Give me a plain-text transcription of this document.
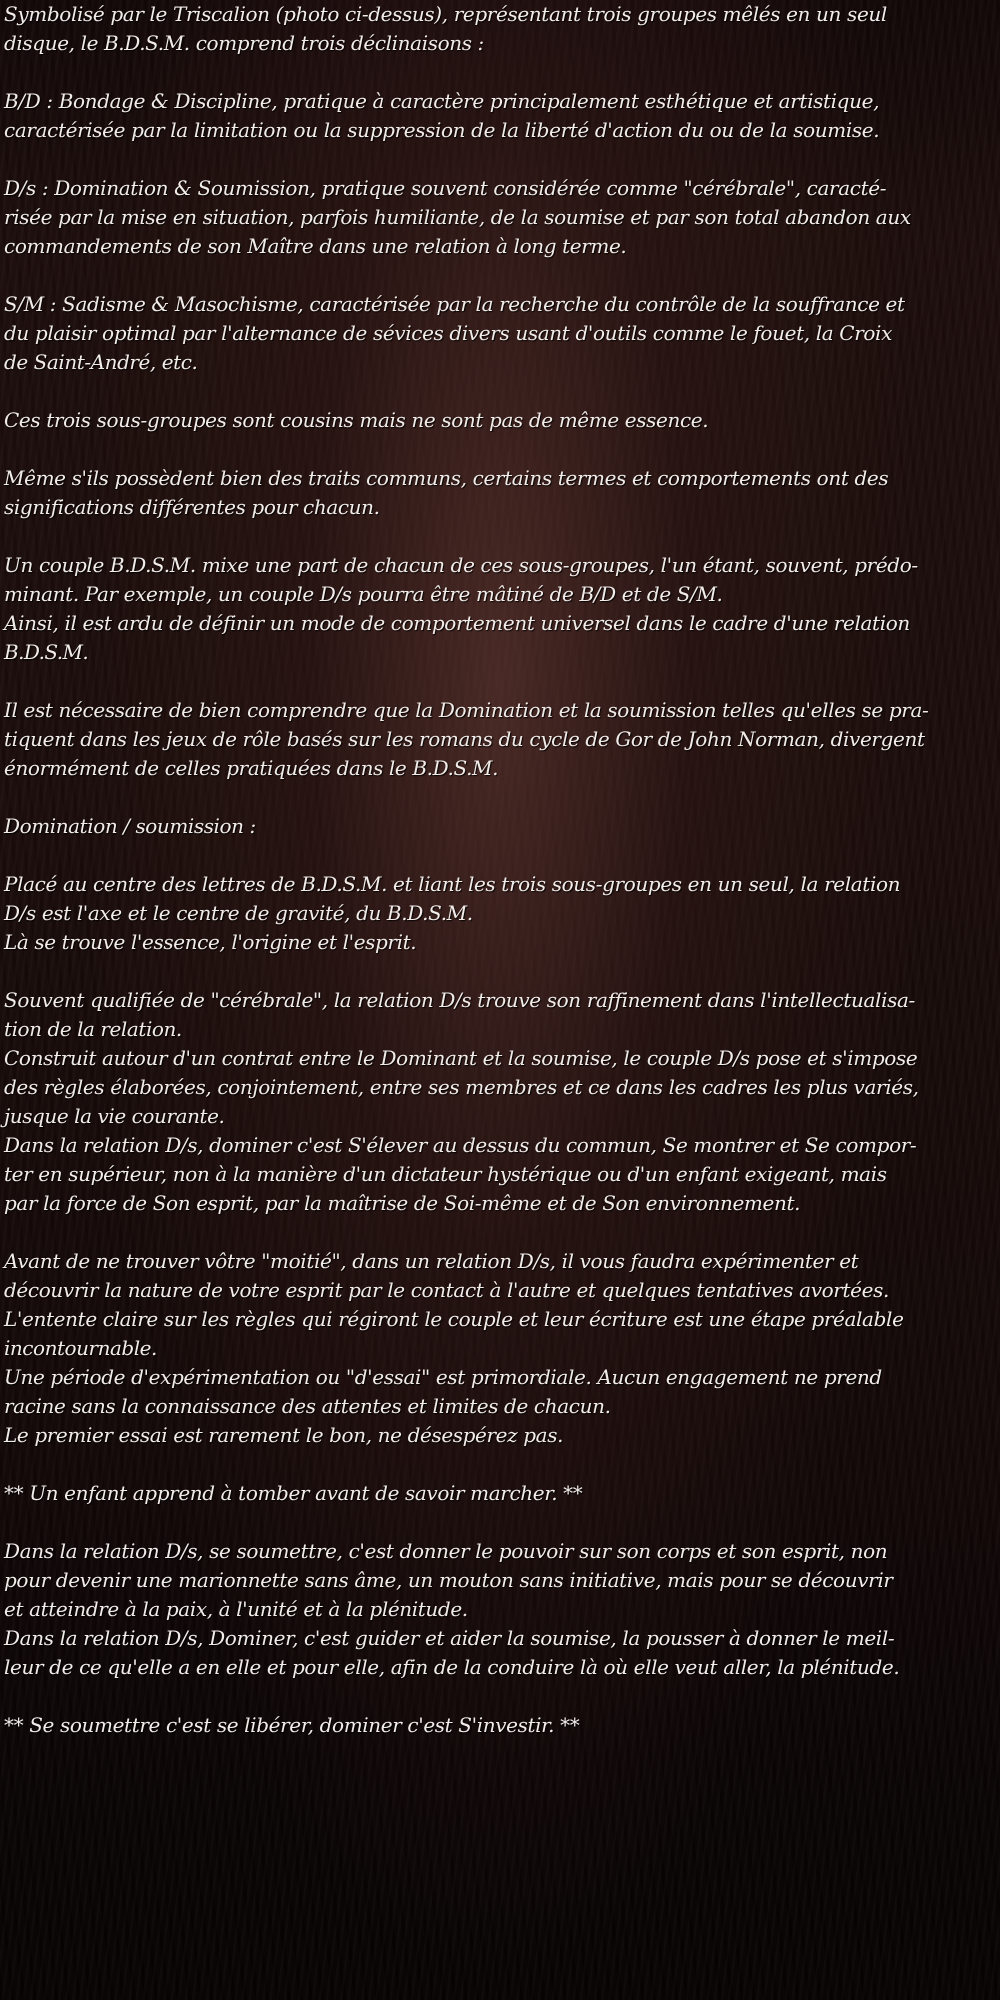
Symbolisé par le Triscalion (photo ci-dessus), représentant trois groupes mêlés en un seul
disque, le B.D.S.M. comprend trois déclinaisons :

B/D : Bondage & Discipline, pratique à caractère principalement esthétique et artistique,
caractérisée par la limitation ou la suppression de la liberté d'action du ou de la soumise.

D/s : Domination & Soumission, pratique souvent considérée comme "cérébrale", caracté-
risée par la mise en situation, parfois humiliante, de la soumise et par son total abandon aux
commandements de son Maître dans une relation à long terme.

S/M : Sadisme & Masochisme, caractérisée par la recherche du contrôle de la souffrance et
du plaisir optimal par l'alternance de sévices divers usant d'outils comme le fouet, la Croix
de Saint-André, etc.

Ces trois sous-groupes sont cousins mais ne sont pas de même essence.

Même s'ils possèdent bien des traits communs, certains termes et comportements ont des
significations différentes pour chacun.

Un couple B.D.S.M. mixe une part de chacun de ces sous-groupes, l'un étant, souvent, prédo-
minant. Par exemple, un couple D/s pourra être mâtiné de B/D et de S/M.
Ainsi, il est ardu de définir un mode de comportement universel dans le cadre d'une relation
B.D.S.M.

Il est nécessaire de bien comprendre que la Domination et la soumission telles qu'elles se pra-
tiquent dans les jeux de rôle basés sur les romans du cycle de Gor de John Norman, divergent
énormément de celles pratiquées dans le B.D.S.M.

Domination / soumission :

Placé au centre des lettres de B.D.S.M. et liant les trois sous-groupes en un seul, la relation
D/s est l'axe et le centre de gravité, du B.D.S.M.
Là se trouve l'essence, l'origine et l'esprit.

Souvent qualifiée de "cérébrale", la relation D/s trouve son raffinement dans l'intellectualisa-
tion de la relation.
Construit autour d'un contrat entre le Dominant et la soumise, le couple D/s pose et s'impose
des règles élaborées, conjointement, entre ses membres et ce dans les cadres les plus variés,
jusque la vie courante.
Dans la relation D/s, dominer c'est S'élever au dessus du commun, Se montrer et Se compor-
ter en supérieur, non à la manière d'un dictateur hystérique ou d'un enfant exigeant, mais
par la force de Son esprit, par la maîtrise de Soi-même et de Son environnement.

Avant de ne trouver vôtre "moitié", dans un relation D/s, il vous faudra expérimenter et
découvrir la nature de votre esprit par le contact à l'autre et quelques tentatives avortées.
L'entente claire sur les règles qui régiront le couple et leur écriture est une étape préalable
incontournable.
Une période d'expérimentation ou "d'essai" est primordiale. Aucun engagement ne prend
racine sans la connaissance des attentes et limites de chacun.
Le premier essai est rarement le bon, ne désespérez pas.

** Un enfant apprend à tomber avant de savoir marcher. **

Dans la relation D/s, se soumettre, c'est donner le pouvoir sur son corps et son esprit, non
pour devenir une marionnette sans âme, un mouton sans initiative, mais pour se découvrir
et atteindre à la paix, à l'unité et à la plénitude.
Dans la relation D/s, Dominer, c'est guider et aider la soumise, la pousser à donner le meil-
leur de ce qu'elle a en elle et pour elle, afin de la conduire là où elle veut aller, la plénitude.

** Se soumettre c'est se libérer, dominer c'est S'investir. **
